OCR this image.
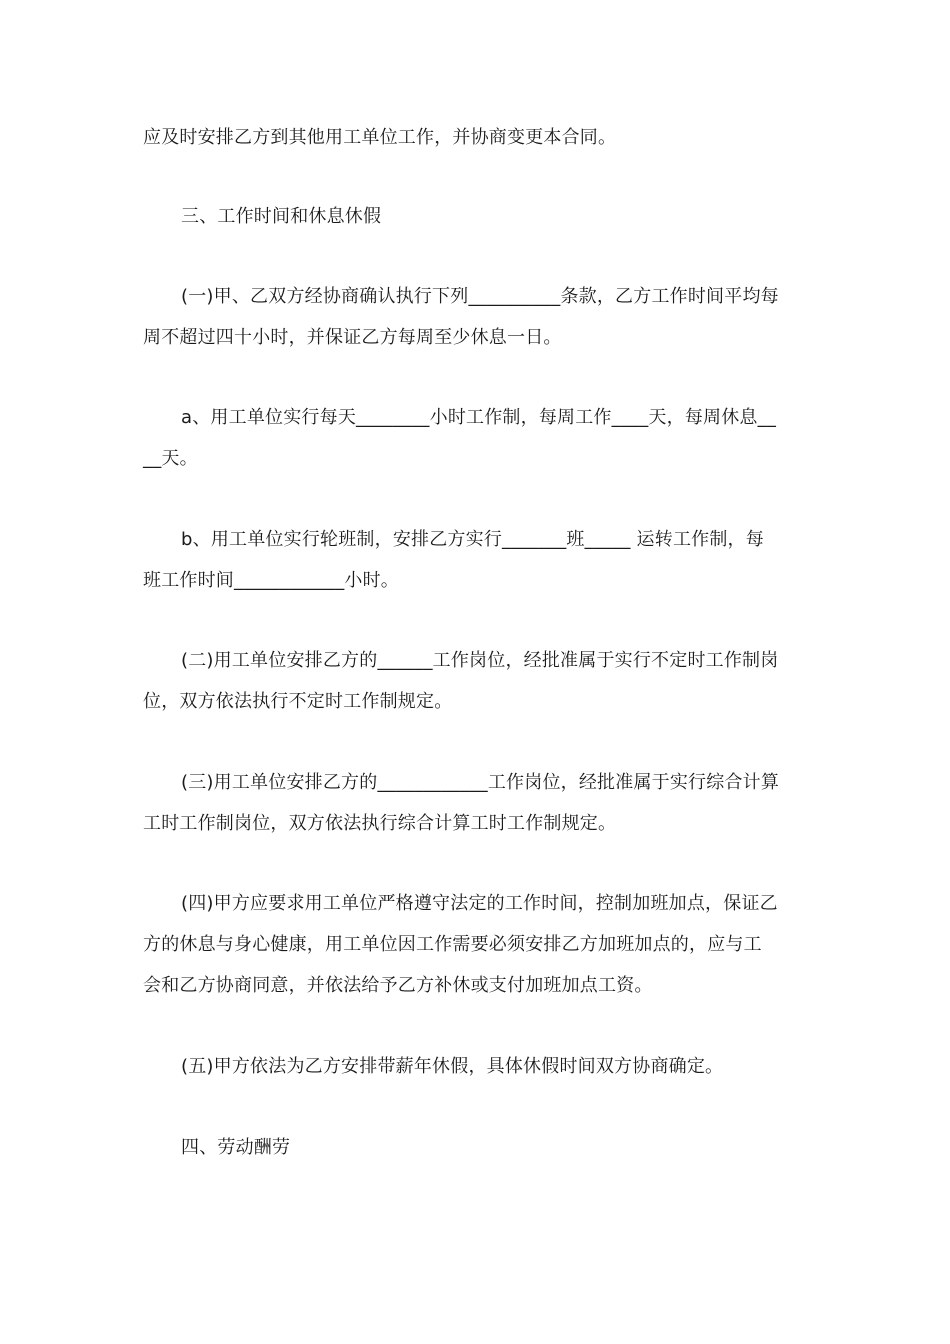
应及时安排乙方到其他用工单位工作，并协商变更本合同。

三、工作时间和休息休假

(一)甲、乙双方经协商确认执行下列__________条款，乙方工作时间平均每
周不超过四十小时，并保证乙方每周至少休息一日。

a、用工单位实行每天________小时工作制，每周工作____天，每周休息__
__天。

b、用工单位实行轮班制，安排乙方实行_______班_____ 运转工作制，每
班工作时间____________小时。

(二)用工单位安排乙方的______工作岗位，经批准属于实行不定时工作制岗
位，双方依法执行不定时工作制规定。

(三)用工单位安排乙方的____________工作岗位，经批准属于实行综合计算
工时工作制岗位，双方依法执行综合计算工时工作制规定。

(四)甲方应要求用工单位严格遵守法定的工作时间，控制加班加点，保证乙
方的休息与身心健康，用工单位因工作需要必须安排乙方加班加点的，应与工
会和乙方协商同意，并依法给予乙方补休或支付加班加点工资。

(五)甲方依法为乙方安排带薪年休假，具体休假时间双方协商确定。

四、劳动酬劳
